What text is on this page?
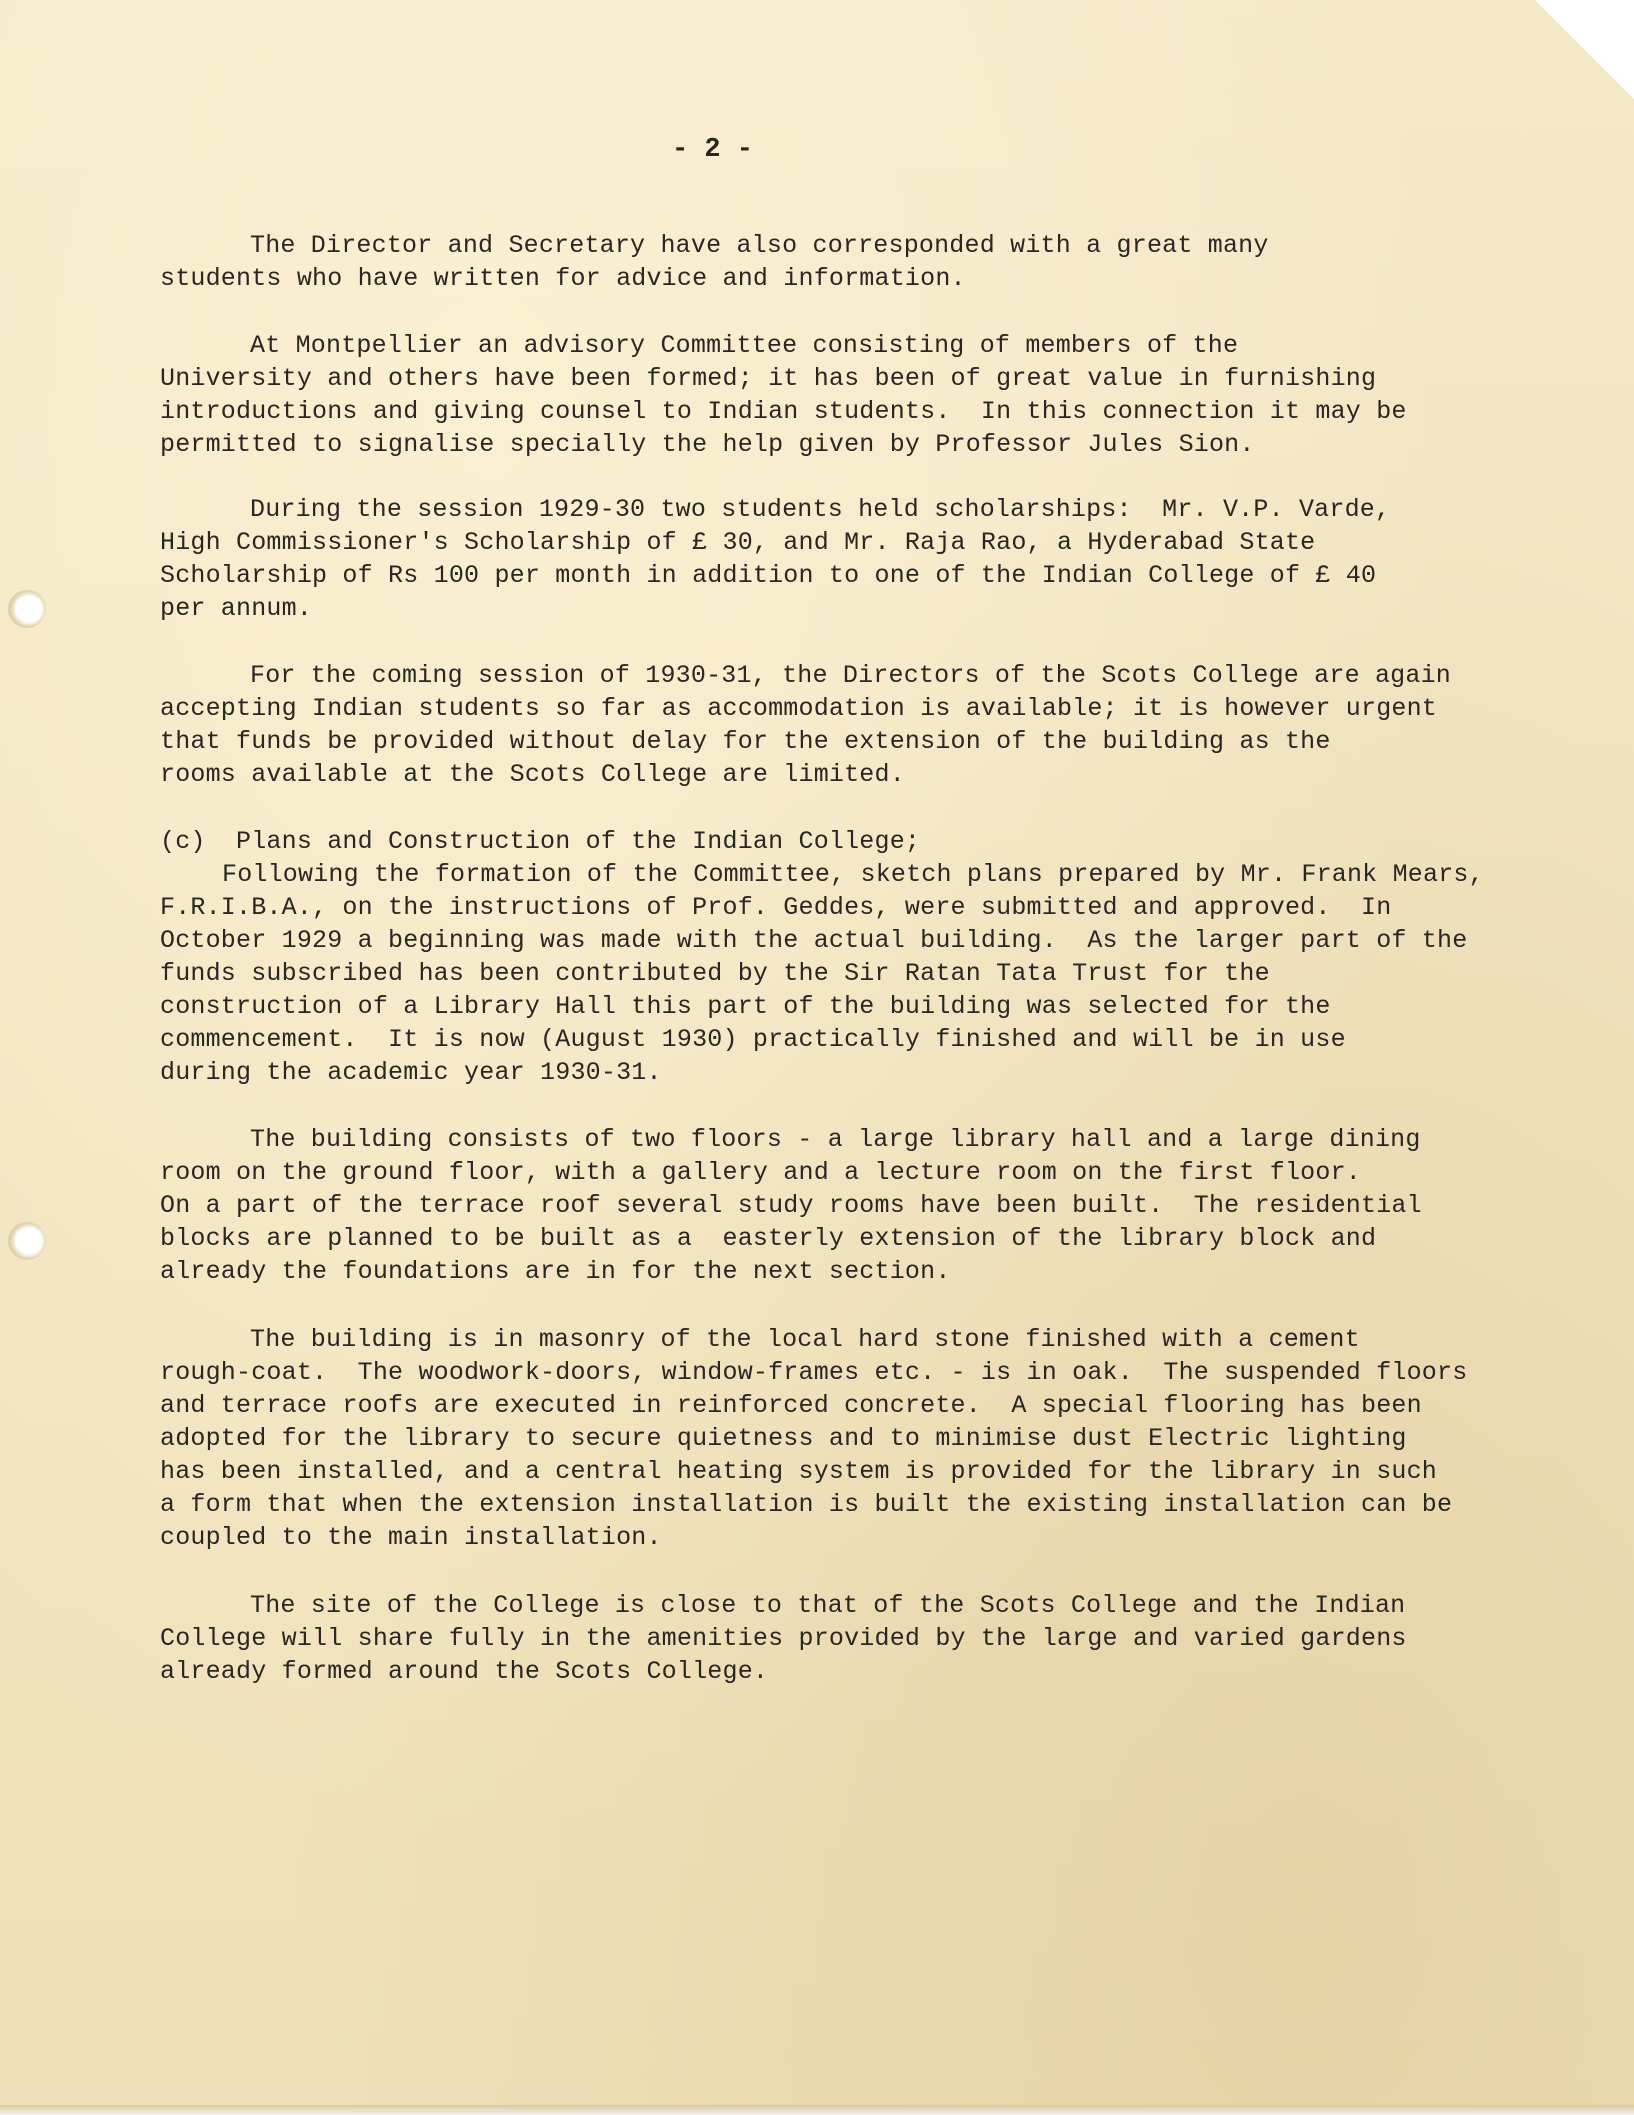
- 2 -
The Director and Secretary have also corresponded with a great many
students who have written for advice and information.
At Montpellier an advisory Committee consisting of members of the
University and others have been formed; it has been of great value in furnishing
introductions and giving counsel to Indian students.  In this connection it may be
permitted to signalise specially the help given by Professor Jules Sion.
During the session 1929-30 two students held scholarships:  Mr. V.P. Varde,
High Commissioner's Scholarship of £ 30, and Mr. Raja Rao, a Hyderabad State
Scholarship of Rs 100 per month in addition to one of the Indian College of £ 40
per annum.
For the coming session of 1930-31, the Directors of the Scots College are again
accepting Indian students so far as accommodation is available; it is however urgent
that funds be provided without delay for the extension of the building as the
rooms available at the Scots College are limited.
(c)  Plans and Construction of the Indian College;
Following the formation of the Committee, sketch plans prepared by Mr. Frank Mears,
F.R.I.B.A., on the instructions of Prof. Geddes, were submitted and approved.  In
October 1929 a beginning was made with the actual building.  As the larger part of the
funds subscribed has been contributed by the Sir Ratan Tata Trust for the
construction of a Library Hall this part of the building was selected for the
commencement.  It is now (August 1930) practically finished and will be in use
during the academic year 1930-31.
The building consists of two floors - a large library hall and a large dining
room on the ground floor, with a gallery and a lecture room on the first floor.
On a part of the terrace roof several study rooms have been built.  The residential
blocks are planned to be built as a  easterly extension of the library block and
already the foundations are in for the next section.
The building is in masonry of the local hard stone finished with a cement
rough-coat.  The woodwork-doors, window-frames etc. - is in oak.  The suspended floors
and terrace roofs are executed in reinforced concrete.  A special flooring has been
adopted for the library to secure quietness and to minimise dust Electric lighting
has been installed, and a central heating system is provided for the library in such
a form that when the extension installation is built the existing installation can be
coupled to the main installation.
The site of the College is close to that of the Scots College and the Indian
College will share fully in the amenities provided by the large and varied gardens
already formed around the Scots College.
